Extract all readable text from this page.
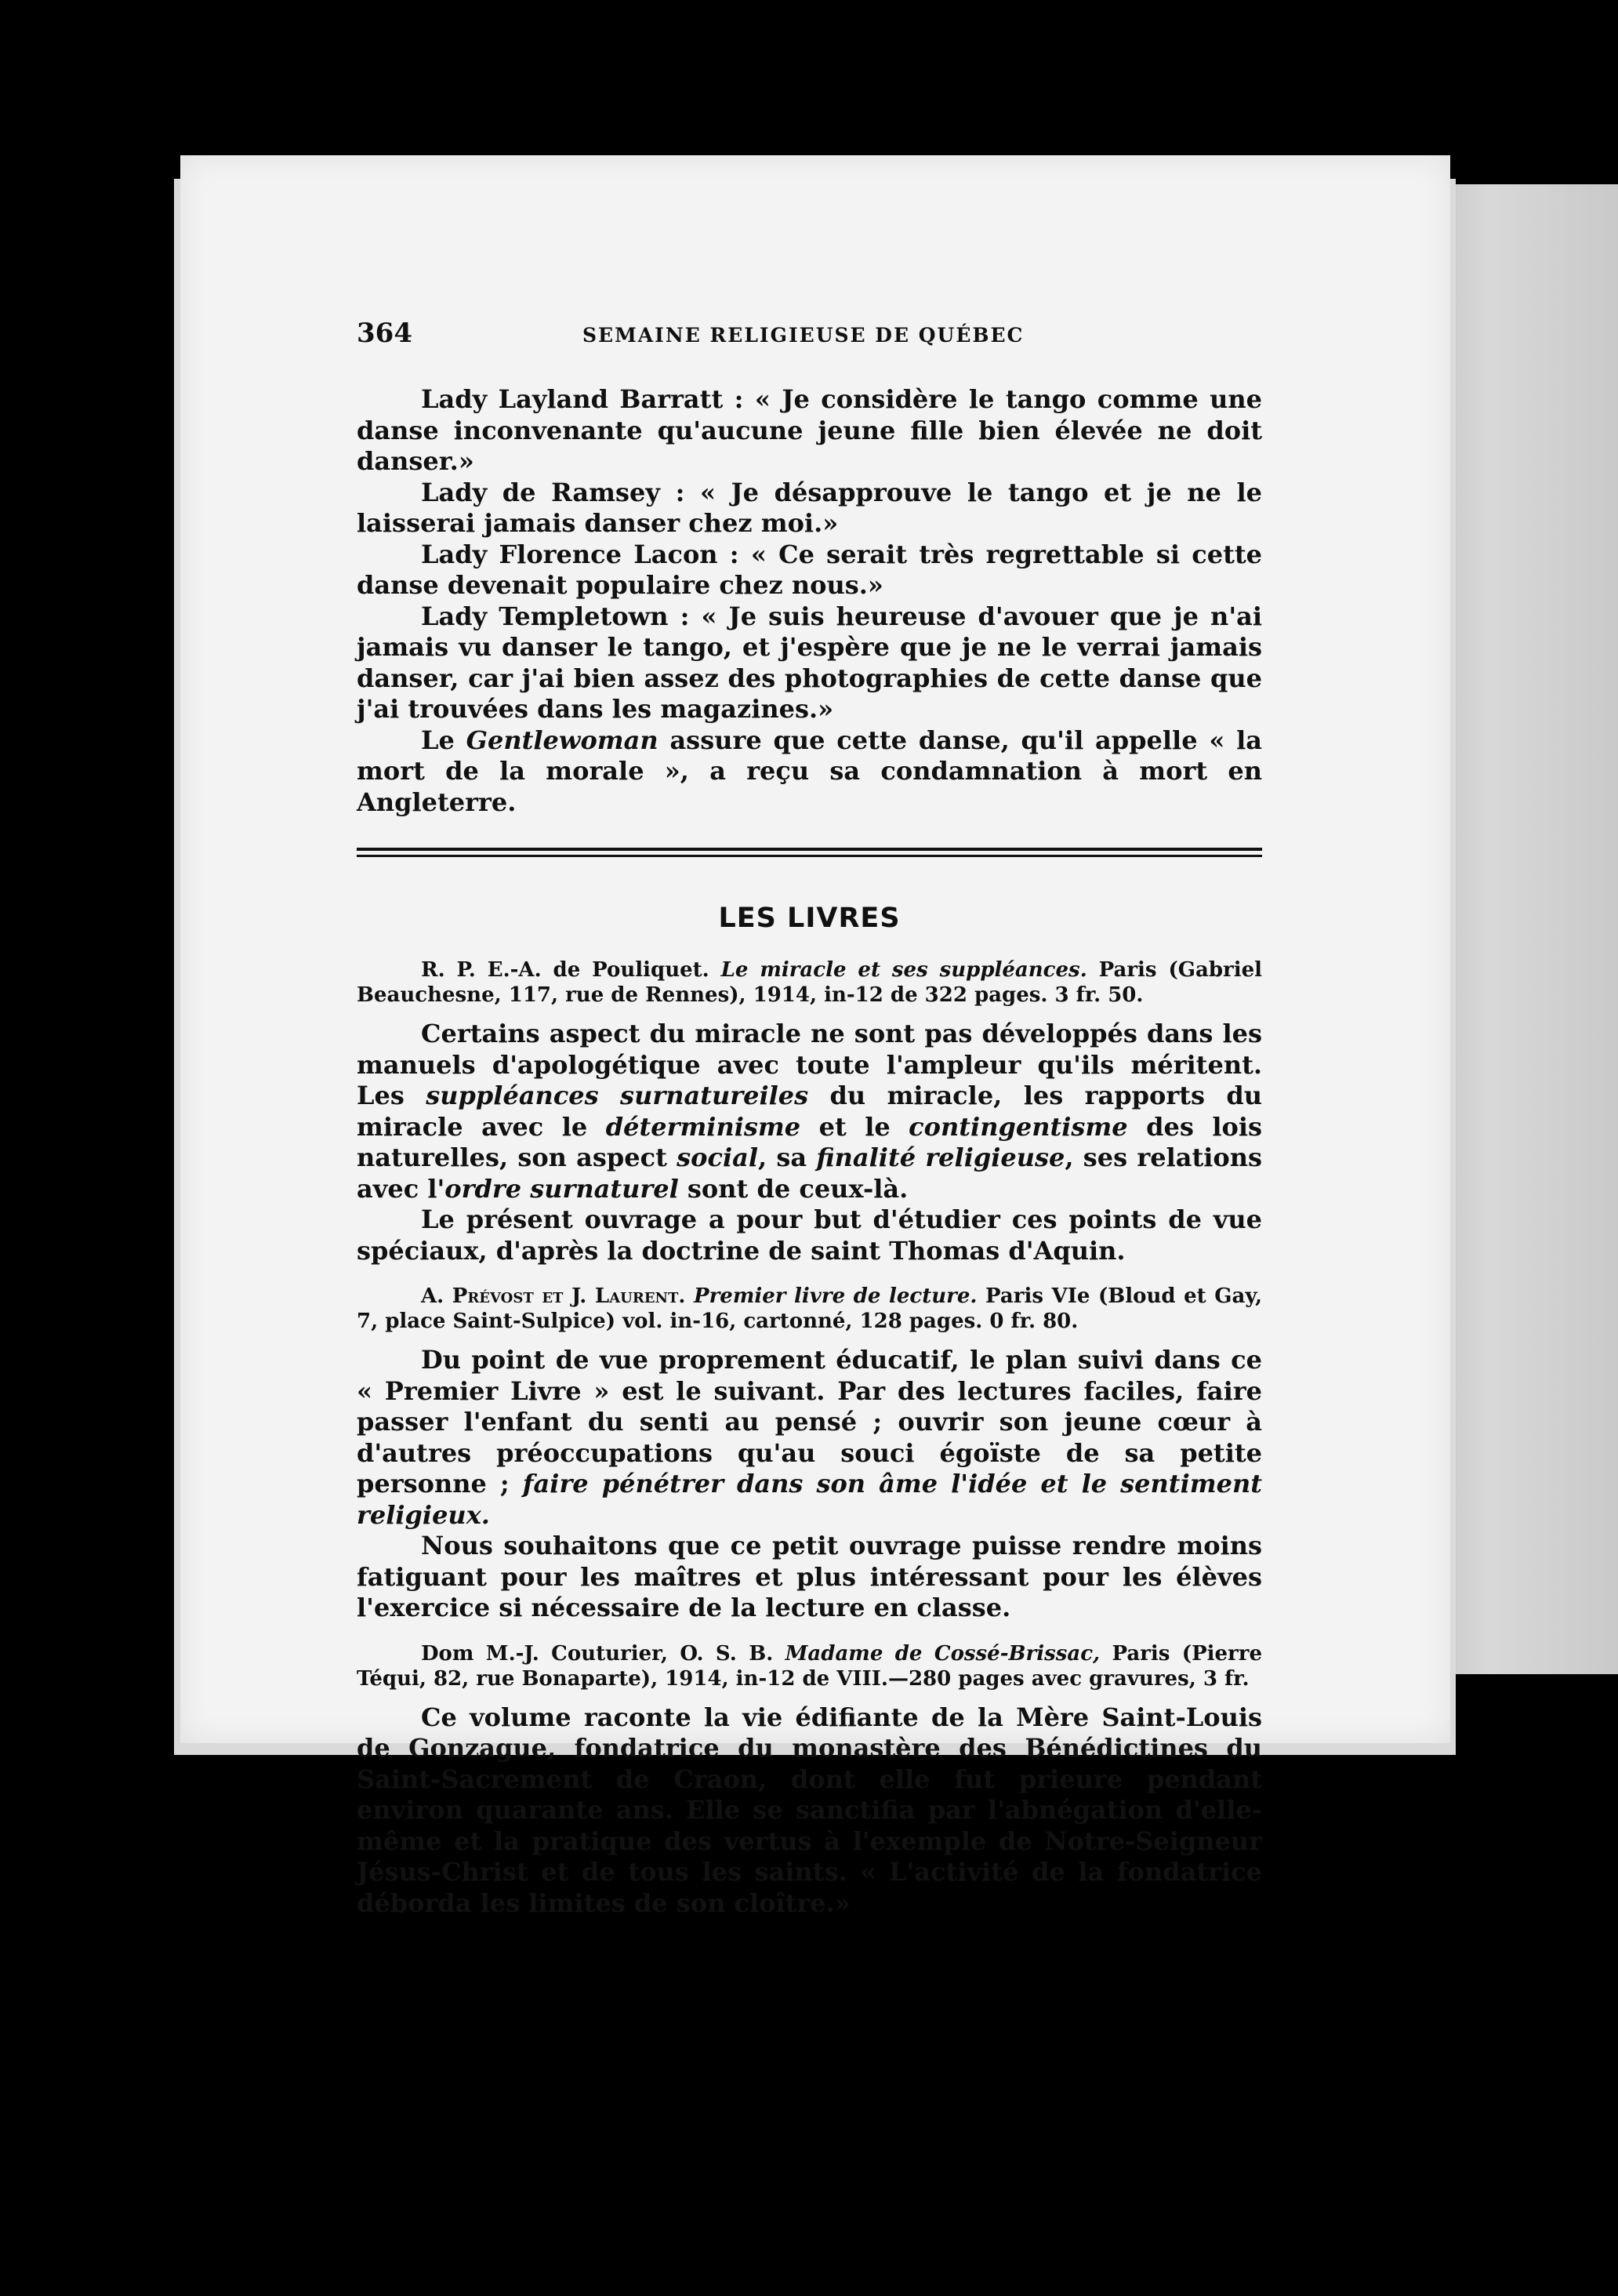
364	SEMAINE RELIGIEUSE DE QUÉBEC

Lady Layland Barratt : « Je considère le tango comme une danse inconvenante qu'aucune jeune fille bien élevée ne doit danser.»

Lady de Ramsey : « Je désapprouve le tango et je ne le laisserai jamais danser chez moi.»

Lady Florence Lacon : « Ce serait très regrettable si cette danse devenait populaire chez nous.»

Lady Templetown : « Je suis heureuse d'avouer que je n'ai jamais vu danser le tango, et j'espère que je ne le verrai jamais danser, car j'ai bien assez des photographies de cette danse que j'ai trouvées dans les magazines.»

Le Gentlewoman assure que cette danse, qu'il appelle « la mort de la morale », a reçu sa condamnation à mort en Angleterre.

LES LIVRES

R. P. E.-A. de Pouliquet. Le miracle et ses suppléances. Paris (Gabriel Beauchesne, 117, rue de Rennes), 1914, in-12 de 322 pages. 3 fr. 50.

Certains aspect du miracle ne sont pas développés dans les manuels d'apologétique avec toute l'ampleur qu'ils méritent. Les suppléances surnatureiles du miracle, les rapports du miracle avec le déterminisme et le contingentisme des lois naturelles, son aspect social, sa finalité religieuse, ses relations avec l'ordre surnaturel sont de ceux-là.

Le présent ouvrage a pour but d'étudier ces points de vue spéciaux, d'après la doctrine de saint Thomas d'Aquin.

A. Prévost et J. Laurent. Premier livre de lecture. Paris VIe (Bloud et Gay, 7, place Saint-Sulpice) vol. in-16, cartonné, 128 pages. 0 fr. 80.

Du point de vue proprement éducatif, le plan suivi dans ce « Premier Livre » est le suivant. Par des lectures faciles, faire passer l'enfant du senti au pensé ; ouvrir son jeune cœur à d'autres préoccupations qu'au souci égoïste de sa petite personne ; faire pénétrer dans son âme l'idée et le sentiment religieux.

Nous souhaitons que ce petit ouvrage puisse rendre moins fatiguant pour les maîtres et plus intéressant pour les élèves l'exercice si nécessaire de la lecture en classe.

Dom M.-J. Couturier, O. S. B. Madame de Cossé-Brissac, Paris (Pierre Téqui, 82, rue Bonaparte), 1914, in-12 de VIII.—280 pages avec gravures, 3 fr.

Ce volume raconte la vie édifiante de la Mère Saint-Louis de Gonzague, fondatrice du monastère des Bénédictines du Saint-Sacrement de Craon, dont elle fut prieure pendant environ quarante ans. Elle se sanctifia par l'abnégation d'elle-même et la pratique des vertus à l'exemple de Notre-Seigneur Jésus-Christ et de tous les saints. « L'activité de la fondatrice déborda les limites de son cloître.»
